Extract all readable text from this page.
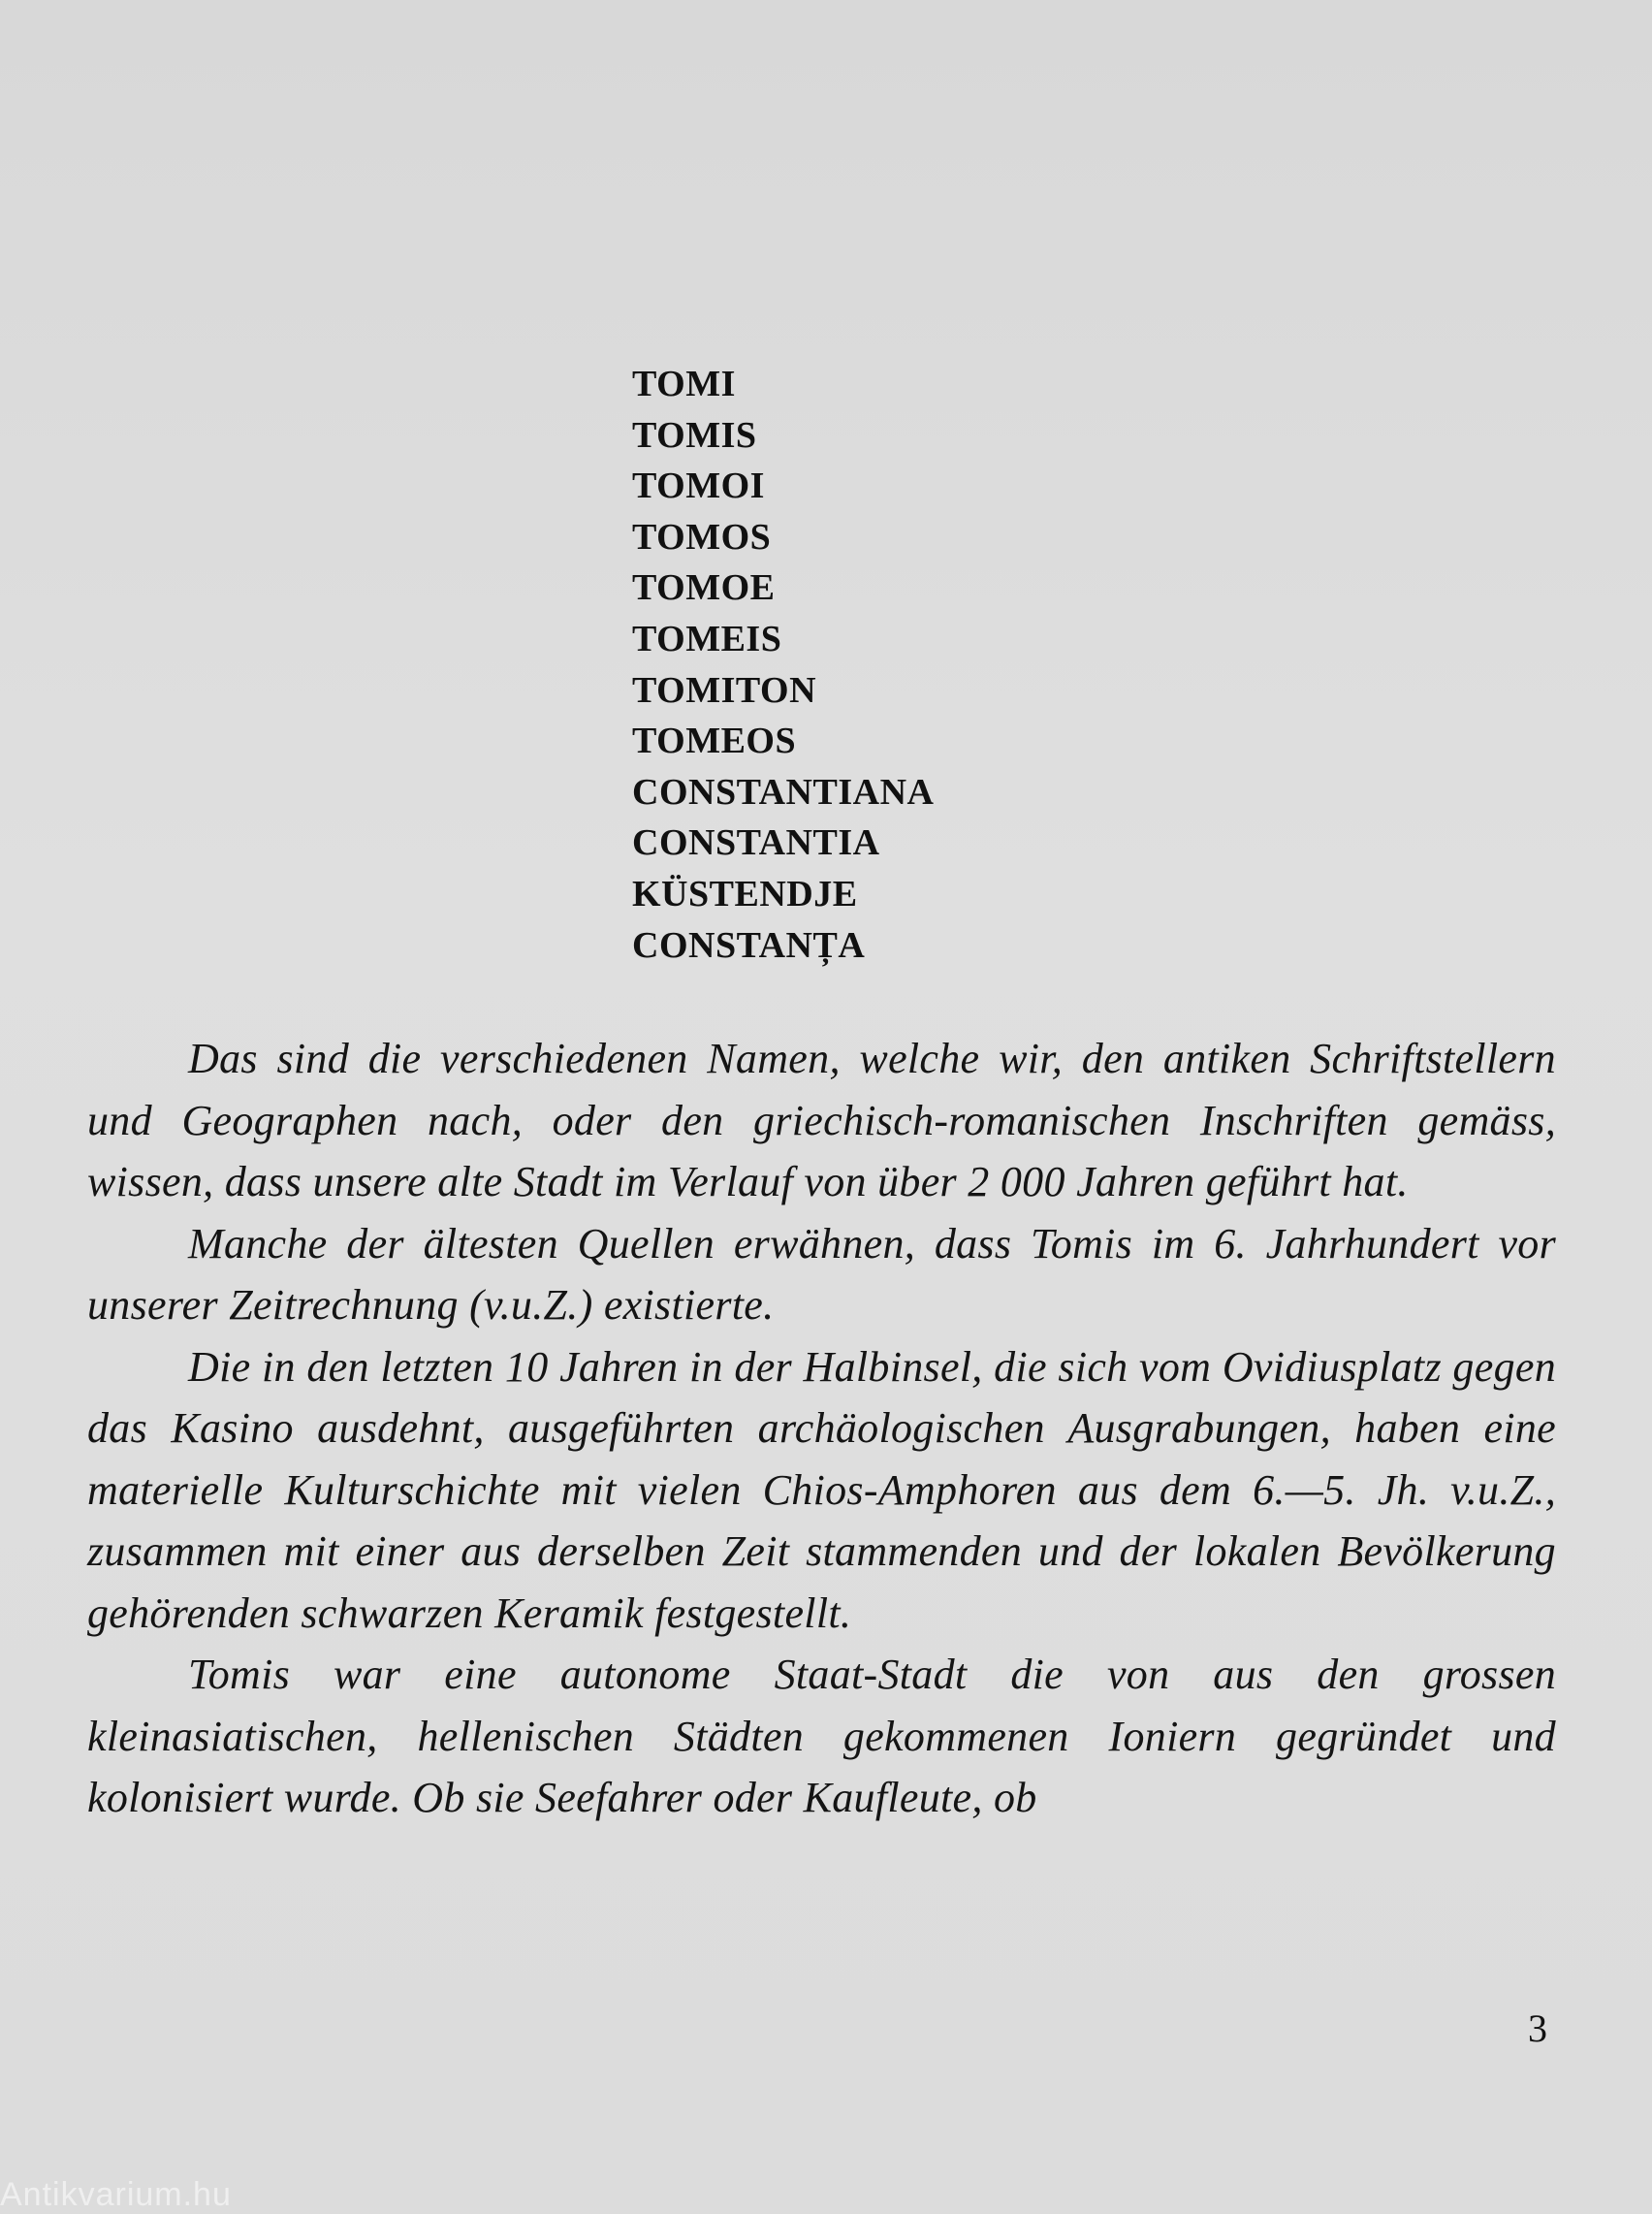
TOMI
TOMIS
TOMOI
TOMOS
TOMOE
TOMEIS
TOMITON
TOMEOS
CONSTANTIANA
CONSTANTIA
KÜSTENDJE
CONSTANȚA

Das sind die verschiedenen Namen, welche wir, den antiken Schriftstellern und Geographen nach, oder den griechisch-romanischen Inschriften gemäss, wissen, dass unsere alte Stadt im Verlauf von über 2 000 Jahren geführt hat.

Manche der ältesten Quellen erwähnen, dass Tomis im 6. Jahrhundert vor unserer Zeitrechnung (v.u.Z.) existierte.

Die in den letzten 10 Jahren in der Halbinsel, die sich vom Ovidiusplatz gegen das Kasino ausdehnt, ausgeführten archäologischen Ausgrabungen, haben eine materielle Kulturschichte mit vielen Chios-Amphoren aus dem 6.—5. Jh. v.u.Z., zusammen mit einer aus derselben Zeit stammenden und der lokalen Bevölkerung gehörenden schwarzen Keramik festgestellt.

Tomis war eine autonome Staat-Stadt die von aus den grossen kleinasiatischen, hellenischen Städten gekommenen Ioniern gegründet und kolonisiert wurde. Ob sie Seefahrer oder Kaufleute, ob

3
Antikvarium.hu
